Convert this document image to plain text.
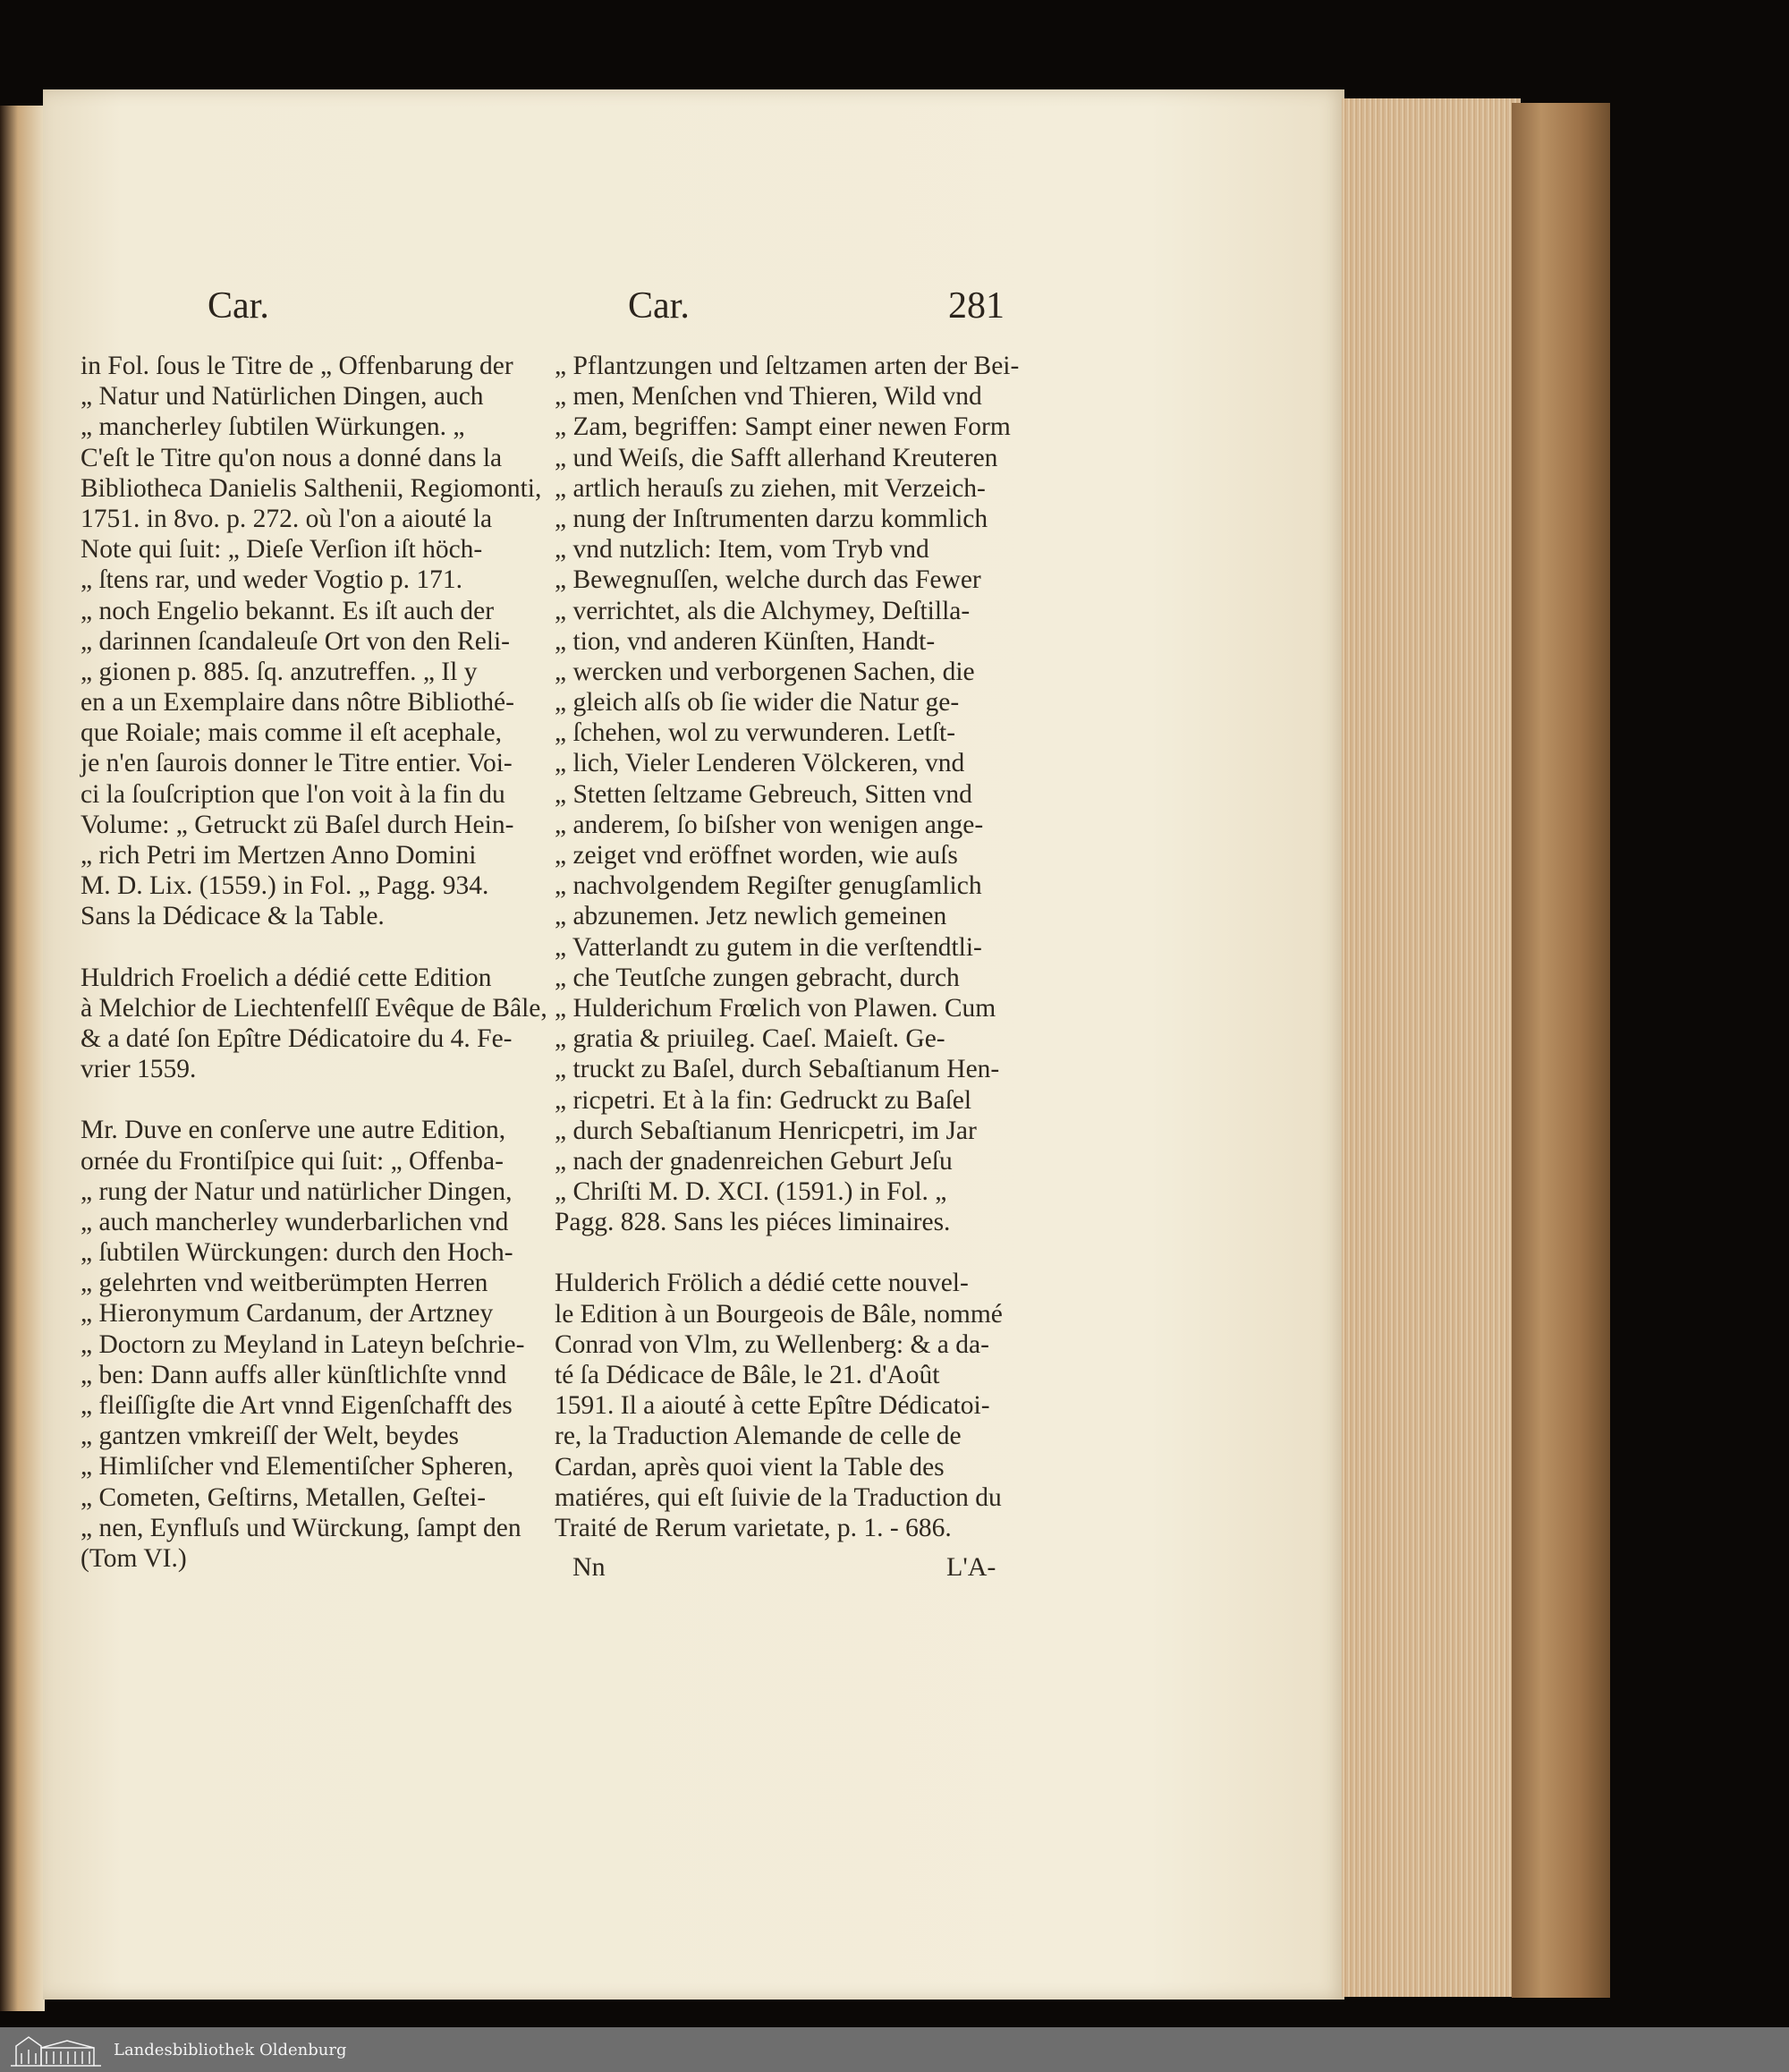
Car.	Car.	281
in Fol. ſous le Titre de „ Offenbarung der
„ Natur und Natürlichen Dingen, auch
„ mancherley ſubtilen Würkungen. „
C'eſt le Titre qu'on nous a donné dans la
Bibliotheca Danielis Salthenii, Regiomonti,
1751. in 8vo. p. 272. où l'on a aiouté la
Note qui ſuit: „ Dieſe Verſion iſt höch-
„ ſtens rar, und weder Vogtio p. 171.
„ noch Engelio bekannt. Es iſt auch der
„ darinnen ſcandaleuſe Ort von den Reli-
„ gionen p. 885. ſq. anzutreffen. „ Il y
en a un Exemplaire dans nôtre Bibliothé-
que Roiale; mais comme il eſt acephale,
je n'en ſaurois donner le Titre entier. Voi-
ci la ſouſcription que l'on voit à la fin du
Volume: „ Getruckt zü Baſel durch Hein-
„ rich Petri im Mertzen Anno Domini
M. D. Lix. (1559.) in Fol. „ Pagg. 934.
Sans la Dédicace & la Table.
Huldrich Froelich a dédié cette Edition
à Melchior de Liechtenfelſſ Evêque de Bâle,
& a daté ſon Epître Dédicatoire du 4. Fe-
vrier 1559.
Mr. Duve en conſerve une autre Edition,
ornée du Frontiſpice qui ſuit: „ Offenba-
„ rung der Natur und natürlicher Dingen,
„ auch mancherley wunderbarlichen vnd
„ ſubtilen Würckungen: durch den Hoch-
„ gelehrten vnd weitberümpten Herren
„ Hieronymum Cardanum, der Artzney
„ Doctorn zu Meyland in Lateyn beſchrie-
„ ben: Dann auffs aller künſtlichſte vnnd
„ fleiſſigſte die Art vnnd Eigenſchafft des
„ gantzen vmkreiſſ der Welt, beydes
„ Himliſcher vnd Elementiſcher Spheren,
„ Cometen, Geſtirns, Metallen, Geſtei-
„ nen, Eynfluſs und Würckung, ſampt den
(Tom VI.)
„ Pflantzungen und ſeltzamen arten der Bei-
„ men, Menſchen vnd Thieren, Wild vnd
„ Zam, begriffen: Sampt einer newen Form
„ und Weiſs, die Safft allerhand Kreuteren
„ artlich herauſs zu ziehen, mit Verzeich-
„ nung der Inſtrumenten darzu kommlich
„ vnd nutzlich: Item, vom Tryb vnd
„ Bewegnuſſen, welche durch das Fewer
„ verrichtet, als die Alchymey, Deſtilla-
„ tion, vnd anderen Künſten, Handt-
„ wercken und verborgenen Sachen, die
„ gleich alſs ob ſie wider die Natur ge-
„ ſchehen, wol zu verwunderen. Letſt-
„ lich, Vieler Lenderen Völckeren, vnd
„ Stetten ſeltzame Gebreuch, Sitten vnd
„ anderem, ſo biſsher von wenigen ange-
„ zeiget vnd eröffnet worden, wie auſs
„ nachvolgendem Regiſter genugſamlich
„ abzunemen. Jetz newlich gemeinen
„ Vatterlandt zu gutem in die verſtendtli-
„ che Teutſche zungen gebracht, durch
„ Hulderichum Frœlich von Plawen. Cum
„ gratia & priuileg. Caeſ. Maieſt. Ge-
„ truckt zu Baſel, durch Sebaſtianum Hen-
„ ricpetri. Et à la fin: Gedruckt zu Baſel
„ durch Sebaſtianum Henricpetri, im Jar
„ nach der gnadenreichen Geburt Jeſu
„ Chriſti M. D. XCI. (1591.) in Fol. „
Pagg. 828. Sans les piéces liminaires.
Hulderich Frölich a dédié cette nouvel-
le Edition à un Bourgeois de Bâle, nommé
Conrad von Vlm, zu Wellenberg: & a da-
té ſa Dédicace de Bâle, le 21. d'Août
1591. Il a aiouté à cette Epître Dédicatoi-
re, la Traduction Alemande de celle de
Cardan, après quoi vient la Table des
matiéres, qui eſt ſuivie de la Traduction du
Traité de Rerum varietate, p. 1. - 686.
Nn	L'A-
Landesbibliothek Oldenburg
